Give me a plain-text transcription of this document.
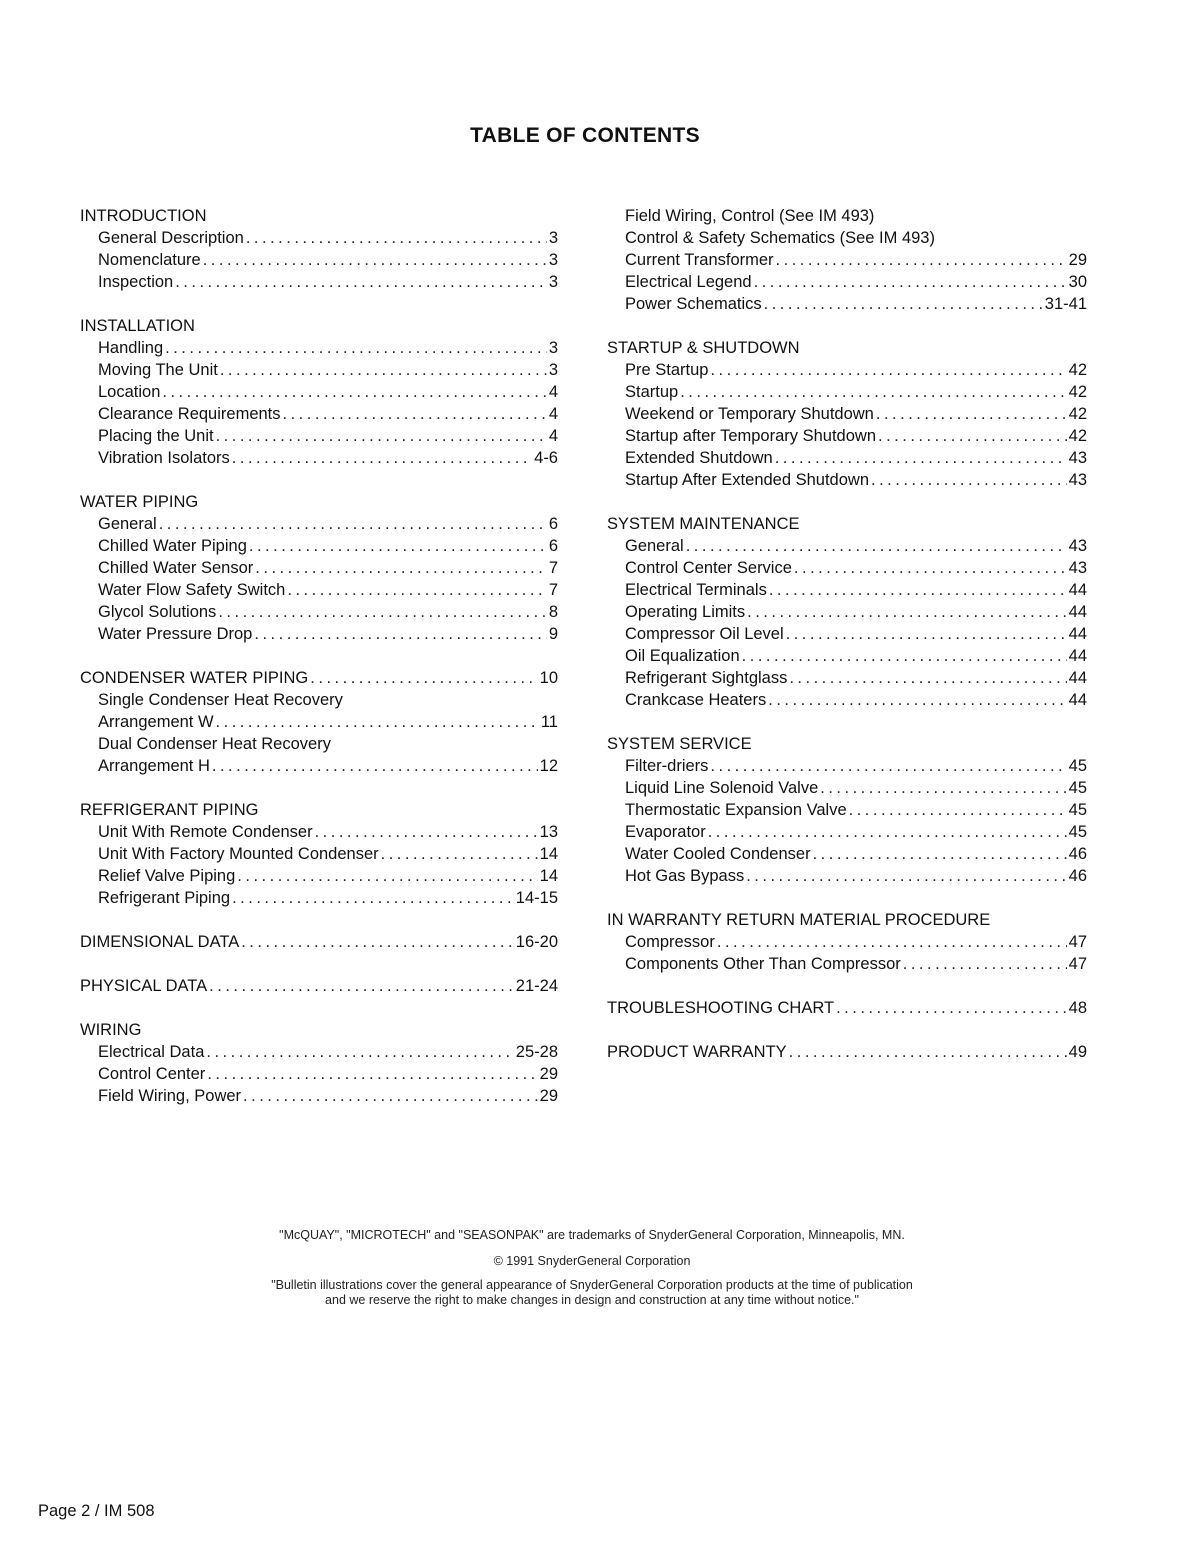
TABLE OF CONTENTS
INTRODUCTION
General Description .....	3
Nomenclature .....	3
Inspection .....	3
INSTALLATION
Handling .....	3
Moving The Unit .....	3
Location .....	4
Clearance Requirements .....	4
Placing the Unit .....	4
Vibration Isolators .....	4-6
WATER PIPING
General .....	6
Chilled Water Piping .....	6
Chilled Water Sensor .....	7
Water Flow Safety Switch .....	7
Glycol Solutions .....	8
Water Pressure Drop .....	9
CONDENSER WATER PIPING .....	10
Single Condenser Heat Recovery
Arrangement W .....	11
Dual Condenser Heat Recovery
Arrangement H .....	12
REFRIGERANT PIPING
Unit With Remote Condenser .....	13
Unit With Factory Mounted Condenser .....	14
Relief Valve Piping .....	14
Refrigerant Piping .....	14-15
DIMENSIONAL DATA .....	16-20
PHYSICAL DATA .....	21-24
WIRING
Electrical Data .....	25-28
Control Center .....	29
Field Wiring, Power .....	29
Field Wiring, Control (See IM 493)
Control & Safety Schematics (See IM 493)
Current Transformer .....	29
Electrical Legend .....	30
Power Schematics .....	31-41
STARTUP & SHUTDOWN
Pre Startup .....	42
Startup .....	42
Weekend or Temporary Shutdown .....	42
Startup after Temporary Shutdown .....	42
Extended Shutdown .....	43
Startup After Extended Shutdown .....	43
SYSTEM MAINTENANCE
General .....	43
Control Center Service .....	43
Electrical Terminals .....	44
Operating Limits .....	44
Compressor Oil Level .....	44
Oil Equalization .....	44
Refrigerant Sightglass .....	44
Crankcase Heaters .....	44
SYSTEM SERVICE
Filter-driers .....	45
Liquid Line Solenoid Valve .....	45
Thermostatic Expansion Valve .....	45
Evaporator .....	45
Water Cooled Condenser .....	46
Hot Gas Bypass .....	46
IN WARRANTY RETURN MATERIAL PROCEDURE
Compressor .....	47
Components Other Than Compressor .....	47
TROUBLESHOOTING CHART .....	48
PRODUCT WARRANTY .....	49

"McQUAY", "MICROTECH" and "SEASONPAK" are trademarks of SnyderGeneral Corporation, Minneapolis, MN.

© 1991 SnyderGeneral Corporation

"Bulletin illustrations cover the general appearance of SnyderGeneral Corporation products at the time of publication
and we reserve the right to make changes in design and construction at any time without notice."

Page 2 / IM 508
